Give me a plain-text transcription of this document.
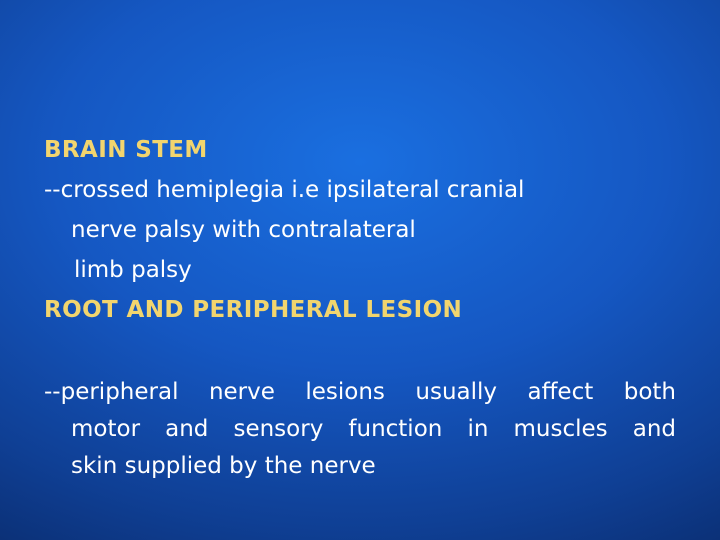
BRAIN STEM
--crossed hemiplegia i.e ipsilateral cranial
nerve palsy with contralateral
limb palsy
ROOT AND PERIPHERAL LESION
--peripheral nerve lesions usually affect both
motor and sensory function in muscles and
skin supplied by the nerve
